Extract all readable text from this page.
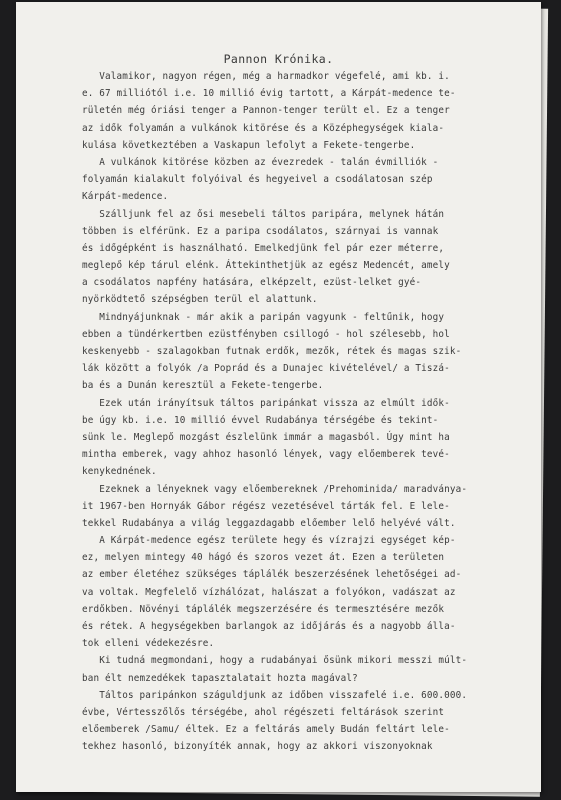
Pannon Krónika.
Valamikor, nagyon régen, még a harmadkor végefelé, ami kb. i.
e. 67 milliótól i.e. 10 millió évig tartott, a Kárpát-medence te-
rületén még óriási tenger a Pannon-tenger terült el. Ez a tenger
az idők folyamán a vulkánok kitörése és a Középhegységek kiala-
kulása következtében a Vaskapun lefolyt a Fekete-tengerbe.
A vulkánok kitörése közben az évezredek - talán évmilliók -
folyamán kialakult folyóival és hegyeivel a csodálatosan szép
Kárpát-medence.
Szálljunk fel az ősi mesebeli táltos paripára, melynek hátán
többen is elférünk. Ez a paripa csodálatos, szárnyai is vannak
és időgépként is használható. Emelkedjünk fel pár ezer méterre,
meglepő kép tárul elénk. Áttekinthetjük az egész Medencét, amely
a csodálatos napfény hatására, elképzelt, ezüst-lelket gyé-
nyörködtető szépségben terül el alattunk.
Mindnyájunknak - már akik a paripán vagyunk - feltűnik, hogy
ebben a tündérkertben ezüstfényben csillogó - hol szélesebb, hol
keskenyebb - szalagokban futnak erdők, mezők, rétek és magas szik-
lák között a folyók /a Poprád és a Dunajec kivételével/ a Tiszá-
ba és a Dunán keresztül a Fekete-tengerbe.
Ezek után irányítsuk táltos paripánkat vissza az elmúlt idők-
be úgy kb. i.e. 10 millió évvel Rudabánya térségébe és tekint-
sünk le. Meglepő mozgást észlelünk immár a magasból. Úgy mint ha
mintha emberek, vagy ahhoz hasonló lények, vagy előemberek tevé-
kenykednének.
Ezeknek a lényeknek vagy előembereknek /Prehominida/ maradványa-
it 1967-ben Hornyák Gábor régész vezetésével tárták fel. E lele-
tekkel Rudabánya a világ leggazdagabb előember lelő helyévé vált.
A Kárpát-medence egész területe hegy és vízrajzi egységet kép-
ez, melyen mintegy 40 hágó és szoros vezet át. Ezen a területen
az ember életéhez szükséges táplálék beszerzésének lehetőségei ad-
va voltak. Megfelelő vízhálózat, halászat a folyókon, vadászat az
erdőkben. Növényi táplálék megszerzésére és termesztésére mezők
és rétek. A hegységekben barlangok az időjárás és a nagyobb álla-
tok elleni védekezésre.
Ki tudná megmondani, hogy a rudabányai ősünk mikori messzi múlt-
ban élt nemzedékek tapasztalatait hozta magával?
Táltos paripánkon száguldjunk az időben visszafelé i.e. 600.000.
évbe, Vértesszőlős térségébe, ahol régészeti feltárások szerint
előemberek /Samu/ éltek. Ez a feltárás amely Budán feltárt lele-
tekhez hasonló, bizonyíték annak, hogy az akkori viszonyoknak
